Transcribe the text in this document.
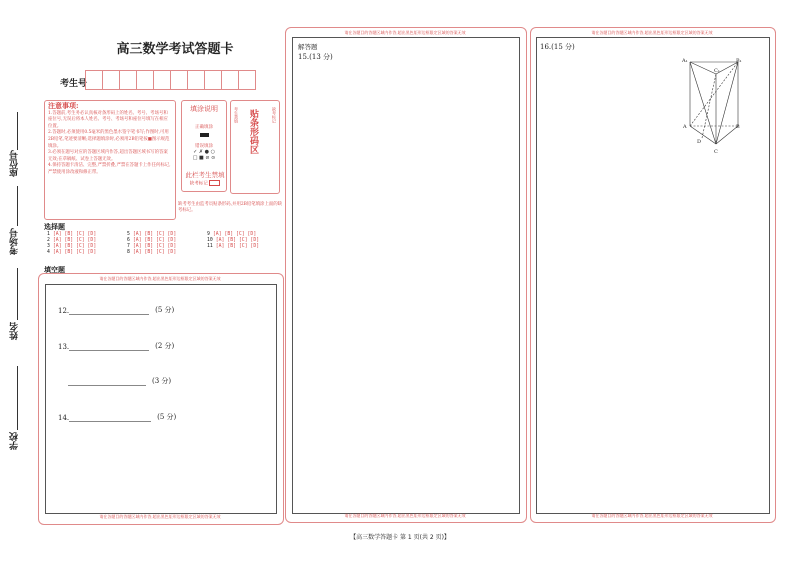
座位号
考场号
姓名
学校
高三数学考试答题卡
考生号
注意事项:

1.答题前,考生务必认真核对条形码上的姓名、考号、考场号和座位号,无误后将本人姓名、考号、考场号和座位号填写在相应位置。

2.答题时,必须使用0.5毫米的黑色墨水签字笔书写;作图时,可用2B铅笔,笔迹要清晰;选择题填涂时,必须用2B铅笔按■图示规范填涂。

3.必须在题号对应的答题区域内作答,超出答题区域书写的答案无效;在草稿纸、试卷上答题无效。

4.保持答题卡清洁、完整,严禁折叠,严禁在答题卡上作任何标记,严禁使用涂改液和修正带。

填涂说明
正确填涂
错误填涂
✓ ✗ ● ○
□ ■ ⊘ ⊙
考生禁填 贴条形码区	缺考标记
此栏考生禁填
缺考标记
缺考考生由监考员贴条形码,并用2B铅笔填涂上面的缺考标记。
选择题
1 [A] [B] [C] [D]
2 [A] [B] [C] [D]
3 [A] [B] [C] [D]
4 [A] [B] [C] [D]
5 [A] [B] [C] [D]
6 [A] [B] [C] [D]
7 [A] [B] [C] [D]
8 [A] [B] [C] [D]
9 [A] [B] [C] [D]
10 [A] [B] [C] [D]
11 [A] [B] [C] [D]
填空题
请在各题目的答题区域内作答,超出黑色矩形边框限定区域的答案无效
请在各题目的答题区域内作答,超出黑色矩形边框限定区域的答案无效
12.	(5 分)
13.	(2 分)
(3 分)
14.	(5 分)
请在各题目的答题区域内作答,超出黑色矩形边框限定区域的答案无效
请在各题目的答题区域内作答,超出黑色矩形边框限定区域的答案无效
解答题
15.(13 分)
请在各题目的答题区域内作答,超出黑色矩形边框限定区域的答案无效
请在各题目的答题区域内作答,超出黑色矩形边框限定区域的答案无效
16.(15 分)
A₁	B₁
C₁
A	B
D
C
【高三数学答题卡 第 1 页(共 2 页)】
